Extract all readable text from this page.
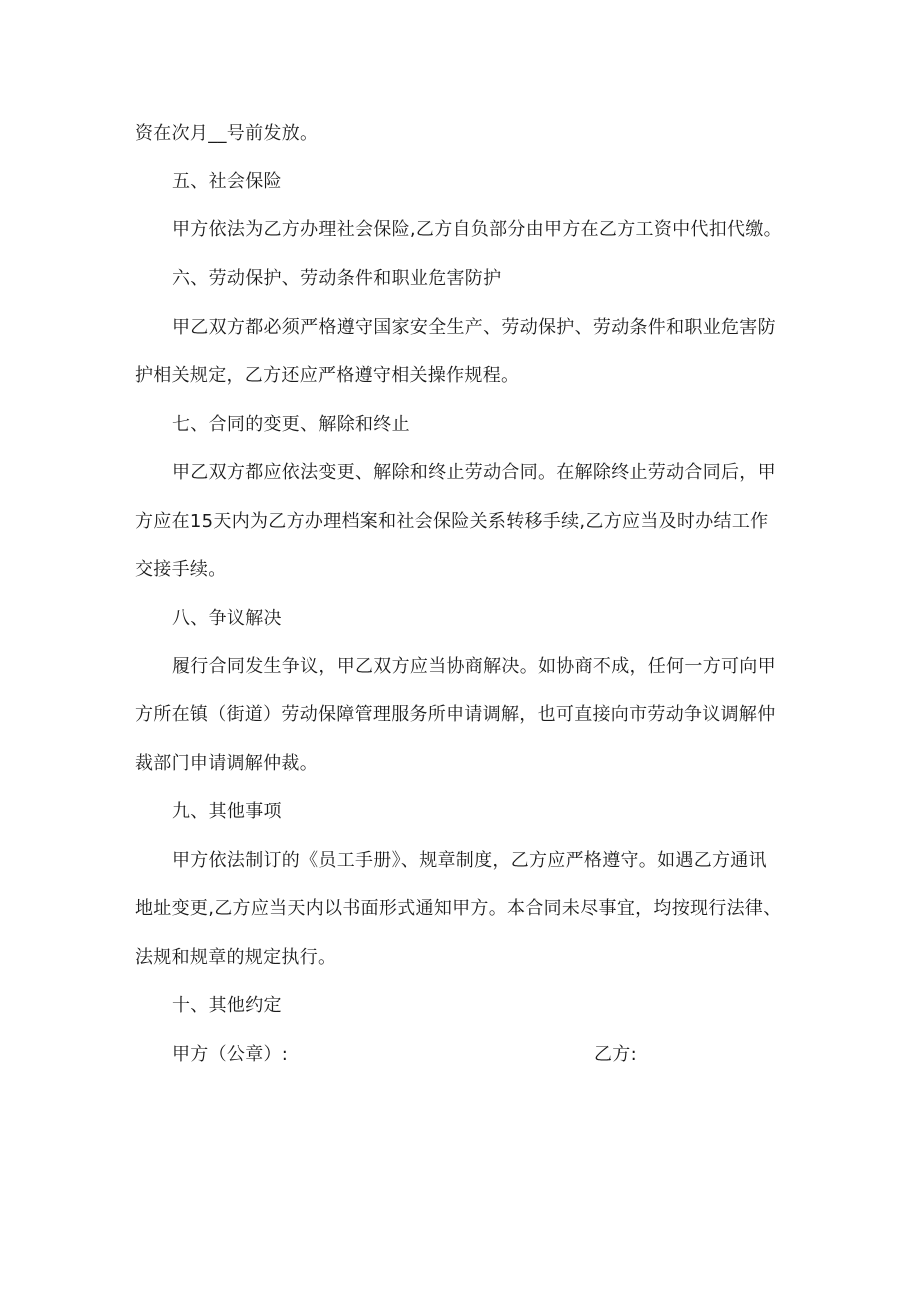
资在次月__号前发放。

五、社会保险

甲方依法为乙方办理社会保险,乙方自负部分由甲方在乙方工资中代扣代缴。

六、劳动保护、劳动条件和职业危害防护

甲乙双方都必须严格遵守国家安全生产、劳动保护、劳动条件和职业危害防

护相关规定，乙方还应严格遵守相关操作规程。

七、合同的变更、解除和终止

甲乙双方都应依法变更、解除和终止劳动合同。在解除终止劳动合同后，甲

方应在15天内为乙方办理档案和社会保险关系转移手续,乙方应当及时办结工作

交接手续。

八、争议解决

履行合同发生争议，甲乙双方应当协商解决。如协商不成，任何一方可向甲

方所在镇（街道）劳动保障管理服务所申请调解，也可直接向市劳动争议调解仲

裁部门申请调解仲裁。

九、其他事项

甲方依法制订的《员工手册》、规章制度，乙方应严格遵守。如遇乙方通讯

地址变更,乙方应当天内以书面形式通知甲方。本合同未尽事宜，均按现行法律、

法规和规章的规定执行。

十、其他约定

甲方（公章）:	乙方:
